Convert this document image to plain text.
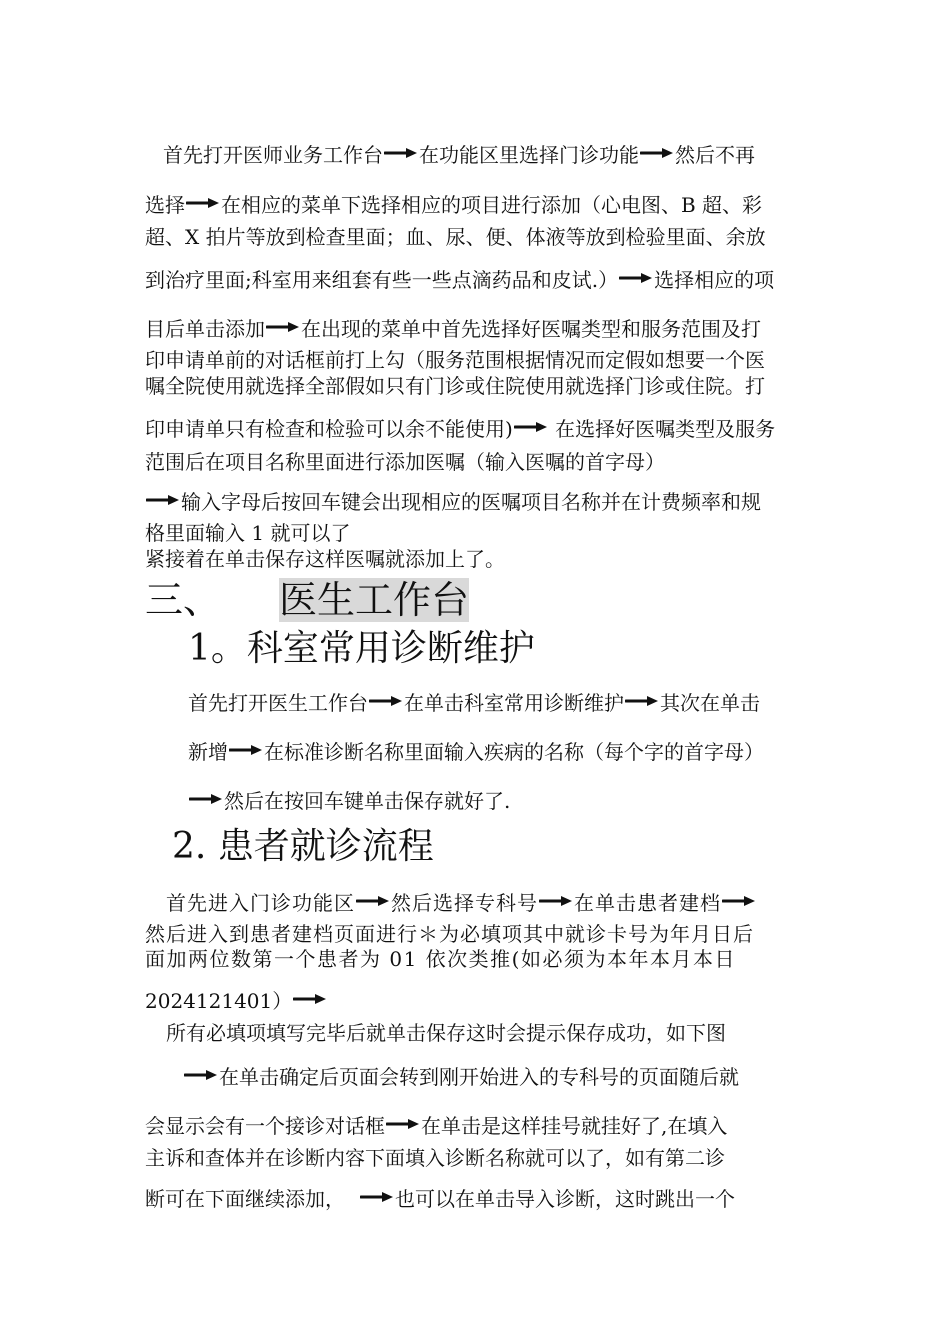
首先打开医师业务工作台 在功能区里选择门诊功能 然后不再
选择 在相应的菜单下选择相应的项目进行添加（心电图、B 超、彩
超、X 拍片等放到检查里面；血、尿、便、体液等放到检验里面、余放
到治疗里面;科室用来组套有些一些点滴药品和皮试.） 选择相应的项
目后单击添加 在出现的菜单中首先选择好医嘱类型和服务范围及打
印申请单前的对话框前打上勾（服务范围根据情况而定假如想要一个医
嘱全院使用就选择全部假如只有门诊或住院使用就选择门诊或住院。打
印申请单只有检查和检验可以余不能使用)
在选择好医嘱类型及服务
范围后在项目名称里面进行添加医嘱（输入医嘱的首字母）
输入字母后按回车键会出现相应的医嘱项目名称并在计费频率和规
格里面输入 1 就可以了
紧接着在单击保存这样医嘱就添加上了。
三、 医生工作台
1。科室常用诊断维护
首先打开医生工作台 在单击科室常用诊断维护 其次在单击
新增 在标准诊断名称里面输入疾病的名称（每个字的首字母）
然后在按回车键单击保存就好了.
2. 患者就诊流程
首先进入门诊功能区 然后选择专科号 在单击患者建档
然后进入到患者建档页面进行＊为必填项其中就诊卡号为年月日后
面加两位数第一个患者为 01 依次类推(如必须为本年本月本日
2024121401）
所有必填项填写完毕后就单击保存这时会提示保存成功，如下图
在单击确定后页面会转到刚开始进入的专科号的页面随后就
会显示会有一个接诊对话框 在单击是这样挂号就挂好了,在填入
主诉和查体并在诊断内容下面填入诊断名称就可以了，如有第二诊
断可在下面继续添加，	也可以在单击导入诊断，这时跳出一个
